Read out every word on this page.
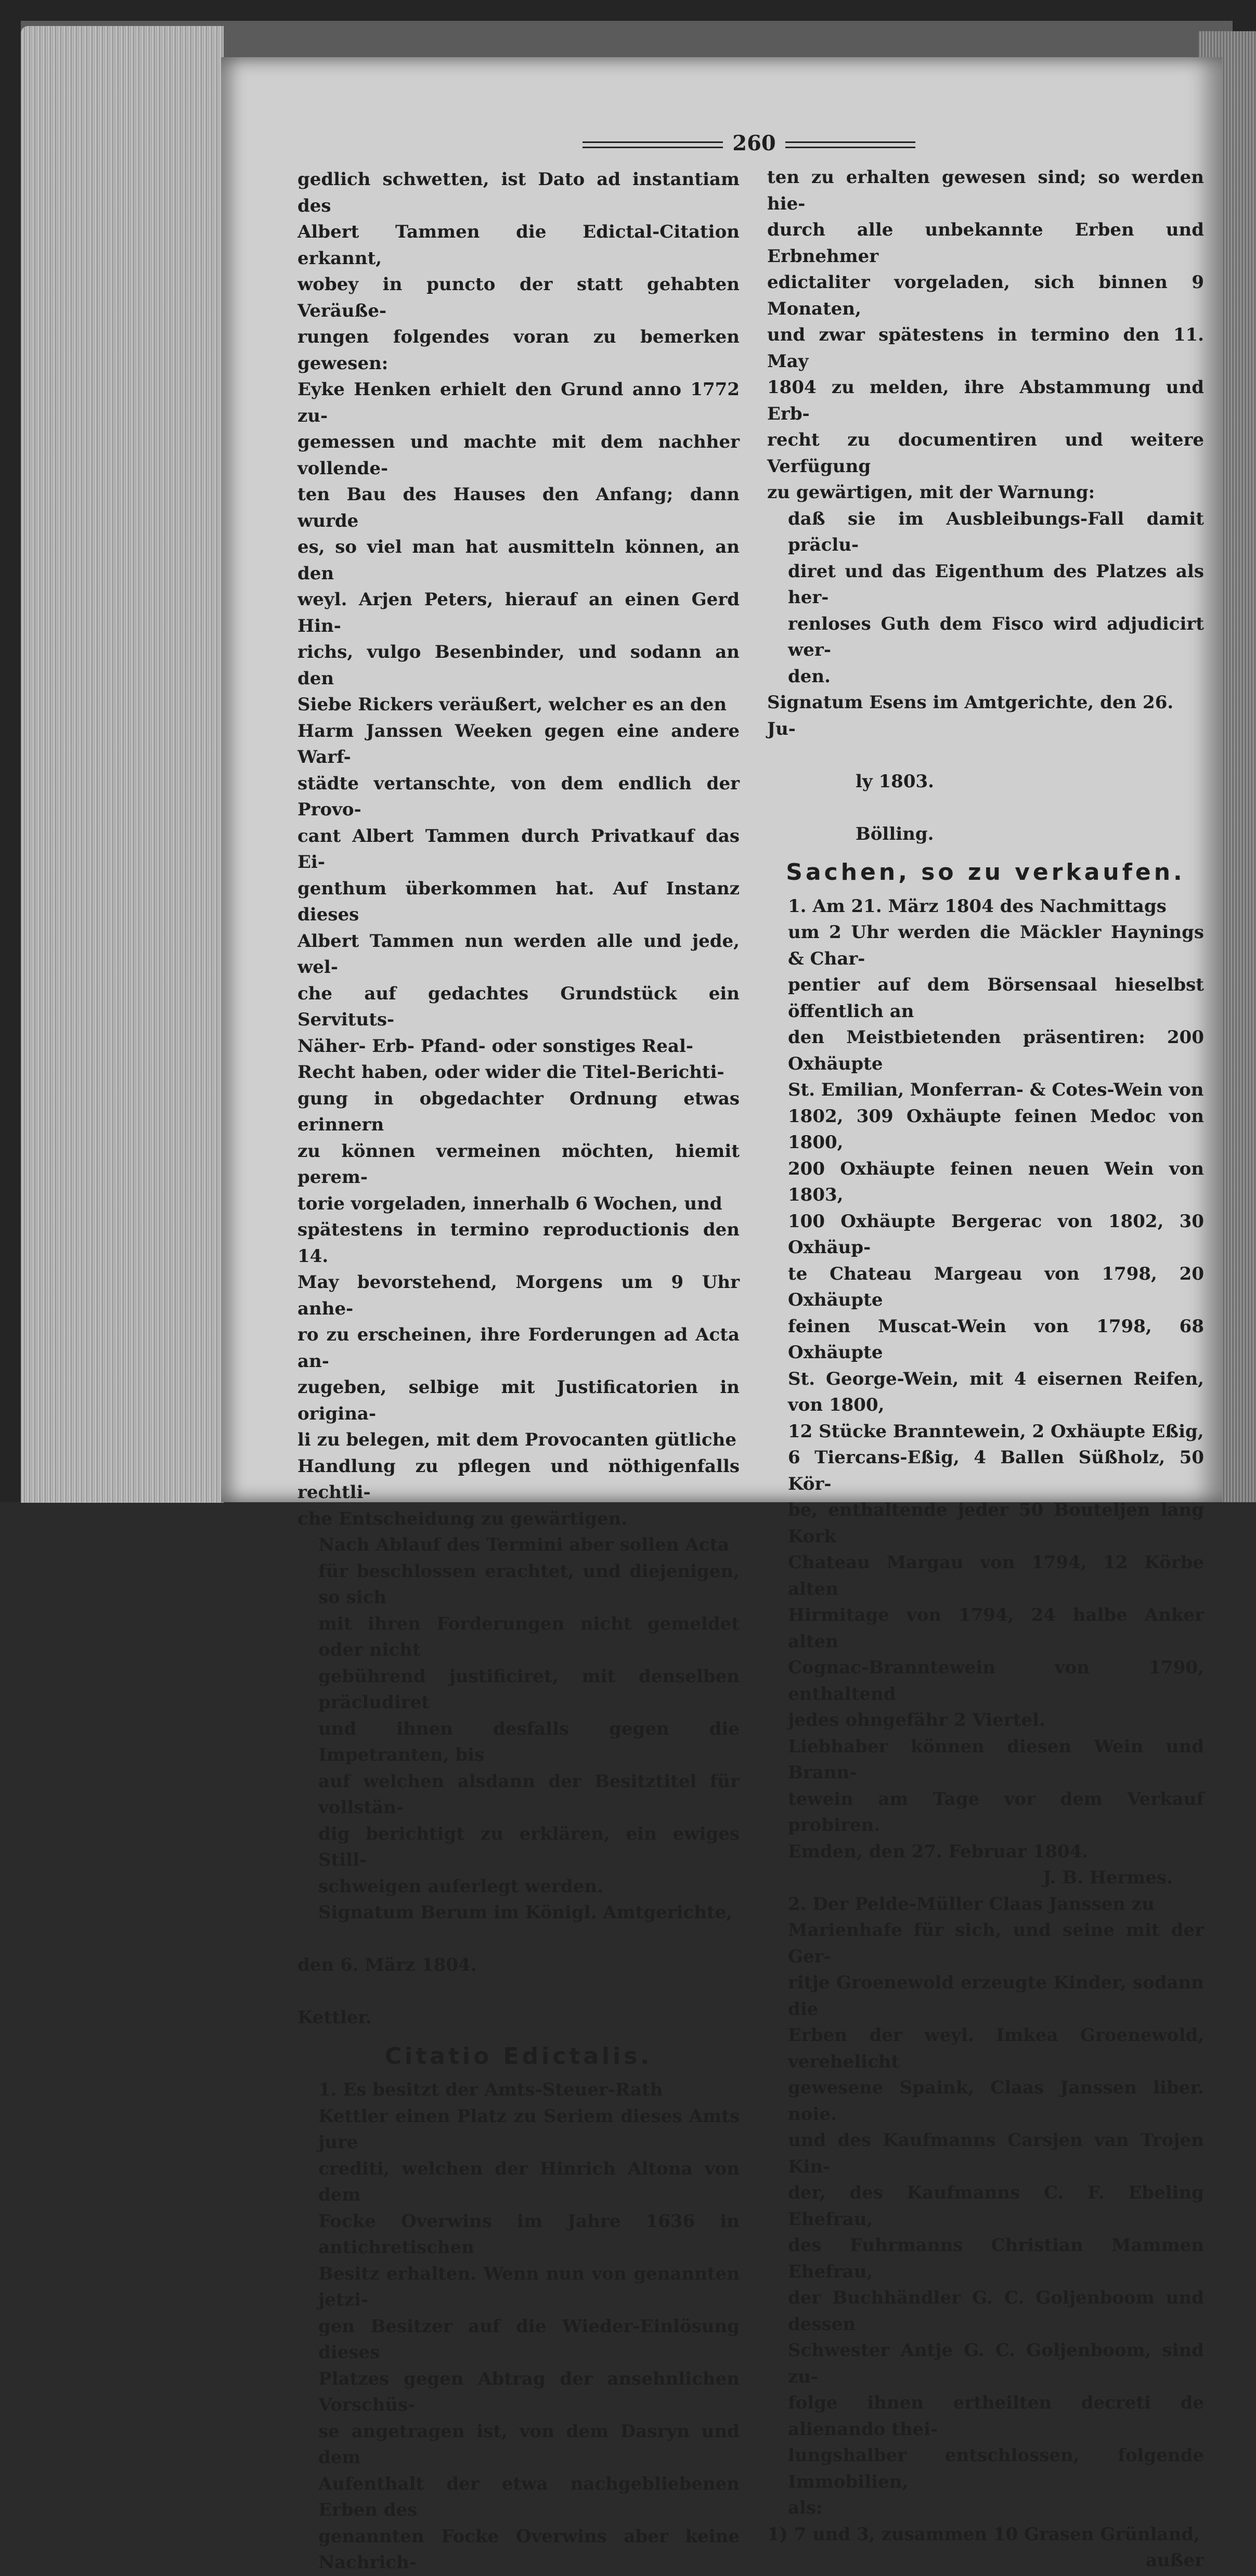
260

gedlich schwetten, ist Dato ad instantiam des
Albert Tammen die Edictal-Citation erkannt,
wobey in puncto der statt gehabten Veräuße-
rungen folgendes voran zu bemerken gewesen:
Eyke Henken erhielt den Grund anno 1772 zu-
gemessen und machte mit dem nachher vollende-
ten Bau des Hauses den Anfang; dann wurde
es, so viel man hat ausmitteln können, an den
weyl. Arjen Peters, hierauf an einen Gerd Hin-
richs, vulgo Besenbinder, und sodann an den
Siebe Rickers veräußert, welcher es an den
Harm Janssen Weeken gegen eine andere Warf-
städte vertanschte, von dem endlich der Provo-
cant Albert Tammen durch Privatkauf das Ei-
genthum überkommen hat. Auf Instanz dieses
Albert Tammen nun werden alle und jede, wel-
che auf gedachtes Grundstück ein Servituts-
Näher- Erb- Pfand- oder sonstiges Real-
Recht haben, oder wider die Titel-Berichti-
gung in obgedachter Ordnung etwas erinnern
zu können vermeinen möchten, hiemit perem-
torie vorgeladen, innerhalb 6 Wochen, und
spätestens in termino reproductionis den 14.
May bevorstehend, Morgens um 9 Uhr anhe-
ro zu erscheinen, ihre Forderungen ad Acta an-
zugeben, selbige mit Justificatorien in origina-
li zu belegen, mit dem Provocanten gütliche
Handlung zu pflegen und nöthigenfalls rechtli-
che Entscheidung zu gewärtigen.

Nach Ablauf des Termini aber sollen Acta
für beschlossen erachtet, und diejenigen, so sich
mit ihren Forderungen nicht gemeldet oder nicht
gebührend justificiret, mit denselben präcludiret
und ihnen desfalls gegen die Impetranten, bis
auf welchen alsdann der Besitztitel für vollstän-
dig berichtigt zu erklären, ein ewiges Still-
schweigen auferlegt werden.

Signatum Berum im Königl. Amtgerichte,

den 6. März 1804.

Kettler.

Citatio Edictalis.

1. Es besitzt der Amts-Steuer-Rath
Kettler einen Platz zu Seriem dieses Amts jure
crediti, welchen der Hinrich Altona von dem
Focke Overwins im Jahre 1636 in antichretischen
Besitz erhalten. Wenn nun von genannten jetzi-
gen Besitzer auf die Wieder-Einlösung dieses
Platzes gegen Abtrag der ansehnlichen Vorschüs-
se angetragen ist, von dem Dasryn und dem
Aufenthalt der etwa nachgebliebenen Erben des
genannten Focke Overwins aber keine Nachrich-

ten zu erhalten gewesen sind; so werden hie-
durch alle unbekannte Erben und Erbnehmer
edictaliter vorgeladen, sich binnen 9 Monaten,
und zwar spätestens in termino den 11. May
1804 zu melden, ihre Abstammung und Erb-
recht zu documentiren und weitere Verfügung
zu gewärtigen, mit der Warnung:

daß sie im Ausbleibungs-Fall damit präclu-
diret und das Eigenthum des Platzes als her-
renloses Guth dem Fisco wird adjudicirt wer-
den.

Signatum Esens im Amtgerichte, den 26. Ju-

ly 1803.

Bölling.

Sachen, so zu verkaufen.

1. Am 21. März 1804 des Nachmittags
um 2 Uhr werden die Mäckler Haynings & Char-
pentier auf dem Börsensaal hieselbst öffentlich an
den Meistbietenden präsentiren: 200 Oxhäupte
St. Emilian, Monferran- & Cotes-Wein von
1802, 309 Oxhäupte feinen Medoc von 1800,
200 Oxhäupte feinen neuen Wein von 1803,
100 Oxhäupte Bergerac von 1802, 30 Oxhäup-
te Chateau Margeau von 1798, 20 Oxhäupte
feinen Muscat-Wein von 1798, 68 Oxhäupte
St. George-Wein, mit 4 eisernen Reifen, von 1800,
12 Stücke Branntewein, 2 Oxhäupte Eßig,
6 Tiercans-Eßig, 4 Ballen Süßholz, 50 Kör-
be, enthaltende jeder 50 Bouteljen lang Kork
Chateau Margau von 1794, 12 Körbe alten
Hirmitage von 1794, 24 halbe Anker alten
Cognac-Branntewein von 1790, enthaltend
jedes ohngefähr 2 Viertel.

Liebhaber können diesen Wein und Brann-
tewein am Tage vor dem Verkauf probiren.

Emden, den 27. Februar 1804.

J. B. Hermes.

2. Der Pelde-Müller Claas Janssen zu
Marienhafe für sich, und seine mit der Ger-
ritje Groenewold erzeugte Kinder, sodann die
Erben der weyl. Imkea Groenewold, verehelicht
gewesene Spaink, Claas Janssen liber. noie.
und des Kaufmanns Carsjen van Trojen Kin-
der, des Kaufmanns C. F. Ebeling Ehefrau,
des Fuhrmanns Christian Mammen Ehefrau,
der Buchhändler G. C. Goljenboom und dessen
Schwester Antje G. C. Goljenboom, sind zu-
folge ihnen ertheilten decreti de alienando thei-
lungshalber entschlossen, folgende Immobilien,
als:

1) 7 und 3, zusammen 10 Grasen Grünland,

außer
